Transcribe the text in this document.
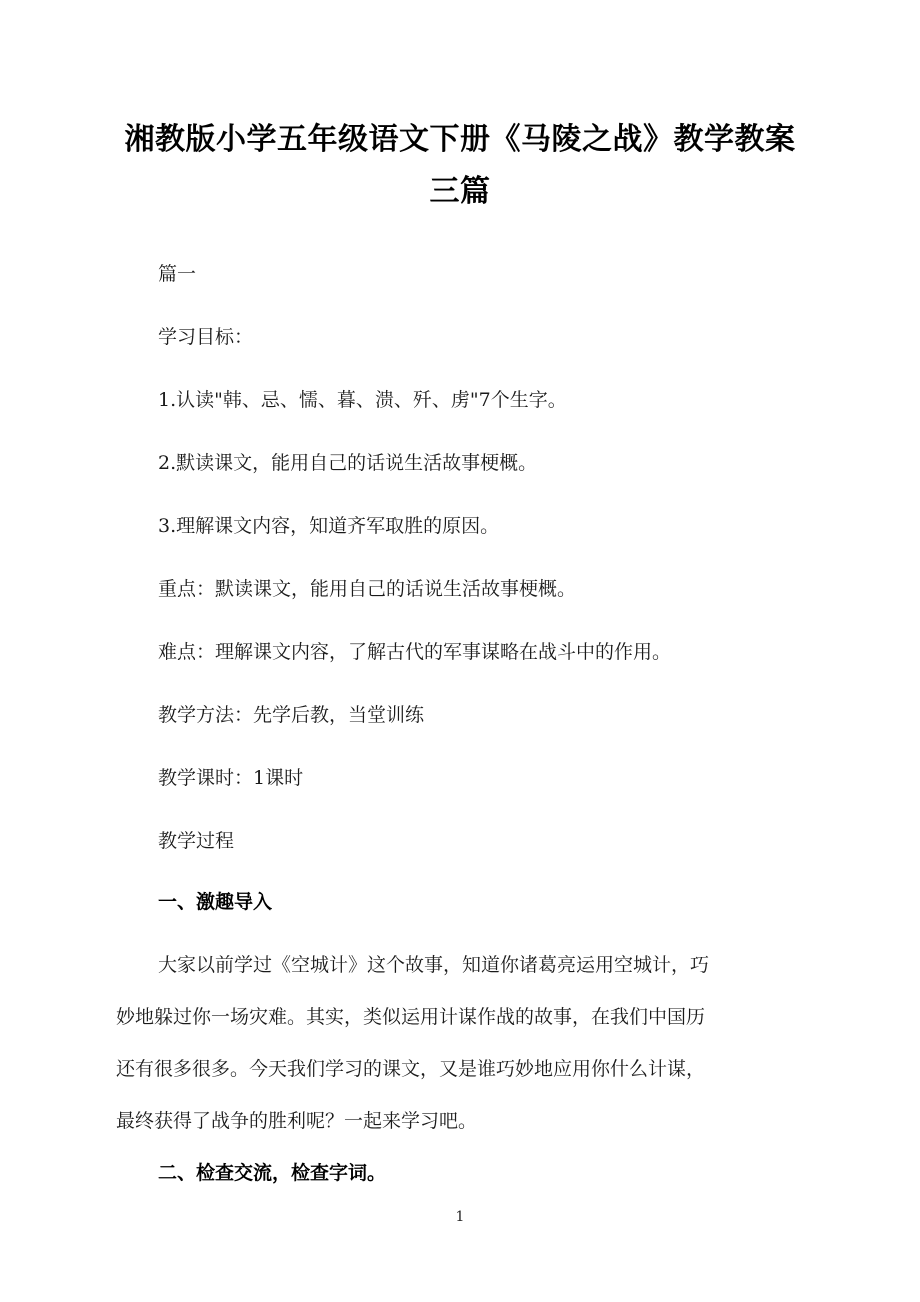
湘教版小学五年级语文下册《马陵之战》教学教案
三篇
篇一
学习目标：
1.认读"韩、忌、懦、暮、溃、歼、虏"7个生字。
2.默读课文，能用自己的话说生活故事梗概。
3.理解课文内容，知道齐军取胜的原因。
重点：默读课文，能用自己的话说生活故事梗概。
难点：理解课文内容，了解古代的军事谋略在战斗中的作用。
教学方法：先学后教，当堂训练
教学课时：1课时
教学过程
一、激趣导入
大家以前学过《空城计》这个故事，知道你诸葛亮运用空城计，巧
妙地躲过你一场灾难。其实，类似运用计谋作战的故事，在我们中国历
还有很多很多。今天我们学习的课文，又是谁巧妙地应用你什么计谋，
最终获得了战争的胜利呢？一起来学习吧。
二、检查交流，检查字词。
1
